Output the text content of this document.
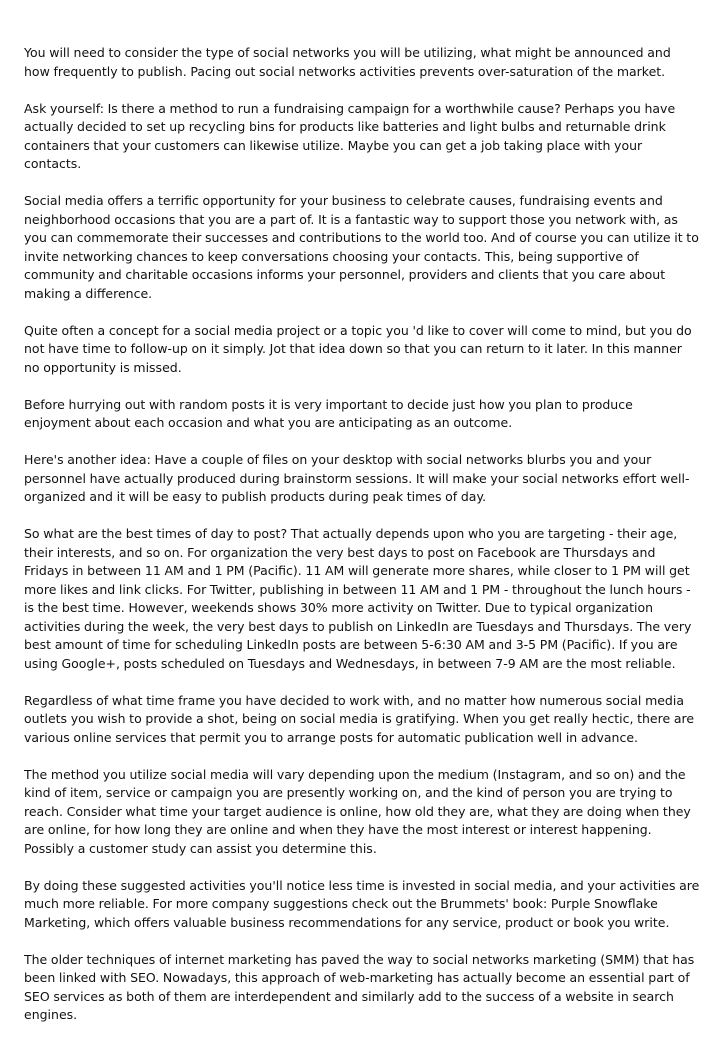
You will need to consider the type of social networks you will be utilizing, what might be announced and how frequently to publish. Pacing out social networks activities prevents over-saturation of the market.

Ask yourself: Is there a method to run a fundraising campaign for a worthwhile cause? Perhaps you have actually decided to set up recycling bins for products like batteries and light bulbs and returnable drink containers that your customers can likewise utilize. Maybe you can get a job taking place with your contacts.

Social media offers a terrific opportunity for your business to celebrate causes, fundraising events and neighborhood occasions that you are a part of. It is a fantastic way to support those you network with, as you can commemorate their successes and contributions to the world too. And of course you can utilize it to invite networking chances to keep conversations choosing your contacts. This, being supportive of community and charitable occasions informs your personnel, providers and clients that you care about making a difference.

Quite often a concept for a social media project or a topic you 'd like to cover will come to mind, but you do not have time to follow-up on it simply. Jot that idea down so that you can return to it later. In this manner no opportunity is missed.

Before hurrying out with random posts it is very important to decide just how you plan to produce enjoyment about each occasion and what you are anticipating as an outcome.

Here's another idea: Have a couple of files on your desktop with social networks blurbs you and your personnel have actually produced during brainstorm sessions. It will make your social networks effort well-organized and it will be easy to publish products during peak times of day.

So what are the best times of day to post? That actually depends upon who you are targeting - their age, their interests, and so on. For organization the very best days to post on Facebook are Thursdays and Fridays in between 11 AM and 1 PM (Pacific). 11 AM will generate more shares, while closer to 1 PM will get more likes and link clicks. For Twitter, publishing in between 11 AM and 1 PM - throughout the lunch hours - is the best time. However, weekends shows 30% more activity on Twitter. Due to typical organization activities during the week, the very best days to publish on LinkedIn are Tuesdays and Thursdays. The very best amount of time for scheduling LinkedIn posts are between 5-6:30 AM and 3-5 PM (Pacific). If you are using Google+, posts scheduled on Tuesdays and Wednesdays, in between 7-9 AM are the most reliable.

Regardless of what time frame you have decided to work with, and no matter how numerous social media outlets you wish to provide a shot, being on social media is gratifying. When you get really hectic, there are various online services that permit you to arrange posts for automatic publication well in advance.

The method you utilize social media will vary depending upon the medium (Instagram, and so on) and the kind of item, service or campaign you are presently working on, and the kind of person you are trying to reach. Consider what time your target audience is online, how old they are, what they are doing when they are online, for how long they are online and when they have the most interest or interest happening. Possibly a customer study can assist you determine this.

By doing these suggested activities you'll notice less time is invested in social media, and your activities are much more reliable. For more company suggestions check out the Brummets' book: Purple Snowflake Marketing, which offers valuable business recommendations for any service, product or book you write.

The older techniques of internet marketing has paved the way to social networks marketing (SMM) that has been linked with SEO. Nowadays, this approach of web-marketing has actually become an essential part of SEO services as both of them are interdependent and similarly add to the success of a website in search engines.
